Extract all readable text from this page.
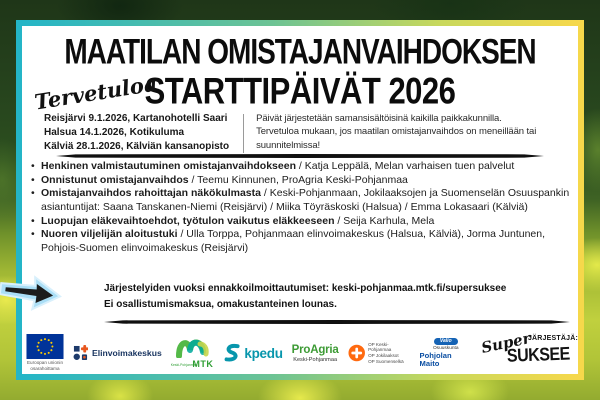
MAATILAN OMISTAJANVAIHDOKSEN
STARTTIPÄIVÄT 2026
Tervetuloa
Reisjärvi 9.1.2026, Kartanohotelli Saari
Halsua 14.1.2026, Kotikuluma
Kälviä 28.1.2026, Kälviän kansanopisto
Päivät järjestetään samansisältöisinä kaikilla paikkakunnilla. Tervetuloa mukaan, jos maatilan omistajanvaihdos on meneillään tai suunnitelmissa!
• Henkinen valmistautuminen omistajanvaihdokseen / Katja Leppälä, Melan varhaisen tuen palvelut
• Onnistunut omistajanvaihdos / Teemu Kinnunen, ProAgria Keski-Pohjanmaa
• Omistajanvaihdos rahoittajan näkökulmasta / Keski-Pohjanmaan, Jokilaaksojen ja Suomenselän Osuuspankin asiantuntijat: Saana Tanskanen-Niemi (Reisjärvi) / Miika Töyräskoski (Halsua) / Emma Lokasaari (Kälviä)
• Luopujan eläkevaihtoehdot, työtulon vaikutus eläkkeeseen / Seija Karhula, Mela
• Nuoren viljelijän aloitustuki / Ulla Torppa, Pohjanmaan elinvoimakeskus (Halsua, Kälviä), Jorma Juntunen, Pohjois-Suomen elinvoimakeskus (Reisjärvi)
Järjestelyiden vuoksi ennakkoilmoittautumiset: keski-pohjanmaa.mtk.fi/supersuksee
Ei osallistumismaksua, omakustanteinen lounas.
Euroopan unionin
osarahoittama
Elinvoimakeskus
Keski-Pohjanmaa
MTK
kpedu ProAgria
Keski-Pohjanmaa
OP Keski-Pohjanmaa
OP Jokilaaksot
OP Suomenselkä
Valio
Osuuskunta
Pohjolan Maito
JÄRJESTÄJÄ:
Super
SUKSEE
